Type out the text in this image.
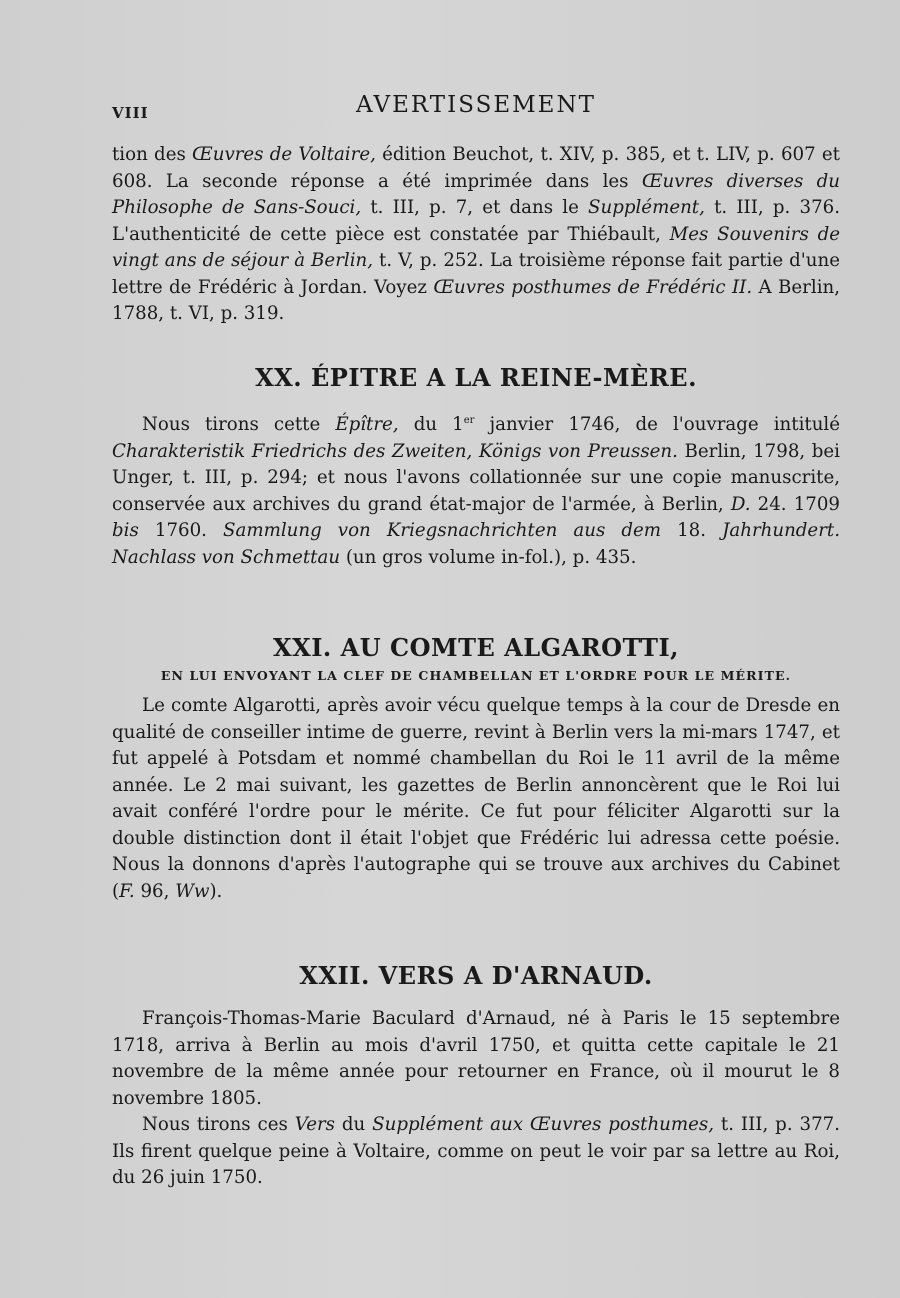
VIII	AVERTISSEMENT

tion des Œuvres de Voltaire, édition Beuchot, t. XIV, p. 385, et t. LIV, p. 607 et 608. La seconde réponse a été imprimée dans les Œuvres diverses du Philosophe de Sans-Souci, t. III, p. 7, et dans le Supplément, t. III, p. 376. L'authenticité de cette pièce est constatée par Thiébault, Mes Souvenirs de vingt ans de séjour à Berlin, t. V, p. 252. La troisième réponse fait partie d'une lettre de Frédéric à Jordan. Voyez Œuvres posthumes de Frédéric II. A Berlin, 1788, t. VI, p. 319.

XX. ÉPITRE A LA REINE-MÈRE.

Nous tirons cette Épître, du 1er janvier 1746, de l'ouvrage intitulé Charakteristik Friedrichs des Zweiten, Königs von Preussen. Berlin, 1798, bei Unger, t. III, p. 294; et nous l'avons collationnée sur une copie manuscrite, conservée aux archives du grand état-major de l'armée, à Berlin, D. 24. 1709 bis 1760. Sammlung von Kriegsnachrichten aus dem 18. Jahrhundert. Nachlass von Schmettau (un gros volume in-fol.), p. 435.

XXI. AU COMTE ALGAROTTI,
EN LUI ENVOYANT LA CLEF DE CHAMBELLAN ET L'ORDRE POUR LE MÉRITE.

Le comte Algarotti, après avoir vécu quelque temps à la cour de Dresde en qualité de conseiller intime de guerre, revint à Berlin vers la mi-mars 1747, et fut appelé à Potsdam et nommé chambellan du Roi le 11 avril de la même année. Le 2 mai suivant, les gazettes de Berlin annoncèrent que le Roi lui avait conféré l'ordre pour le mérite. Ce fut pour féliciter Algarotti sur la double distinction dont il était l'objet que Frédéric lui adressa cette poésie. Nous la donnons d'après l'autographe qui se trouve aux archives du Cabinet (F. 96, Ww).

XXII. VERS A D'ARNAUD.

François-Thomas-Marie Baculard d'Arnaud, né à Paris le 15 septembre 1718, arriva à Berlin au mois d'avril 1750, et quitta cette capitale le 21 novembre de la même année pour retourner en France, où il mourut le 8 novembre 1805.

Nous tirons ces Vers du Supplément aux Œuvres posthumes, t. III, p. 377. Ils firent quelque peine à Voltaire, comme on peut le voir par sa lettre au Roi, du 26 juin 1750.
